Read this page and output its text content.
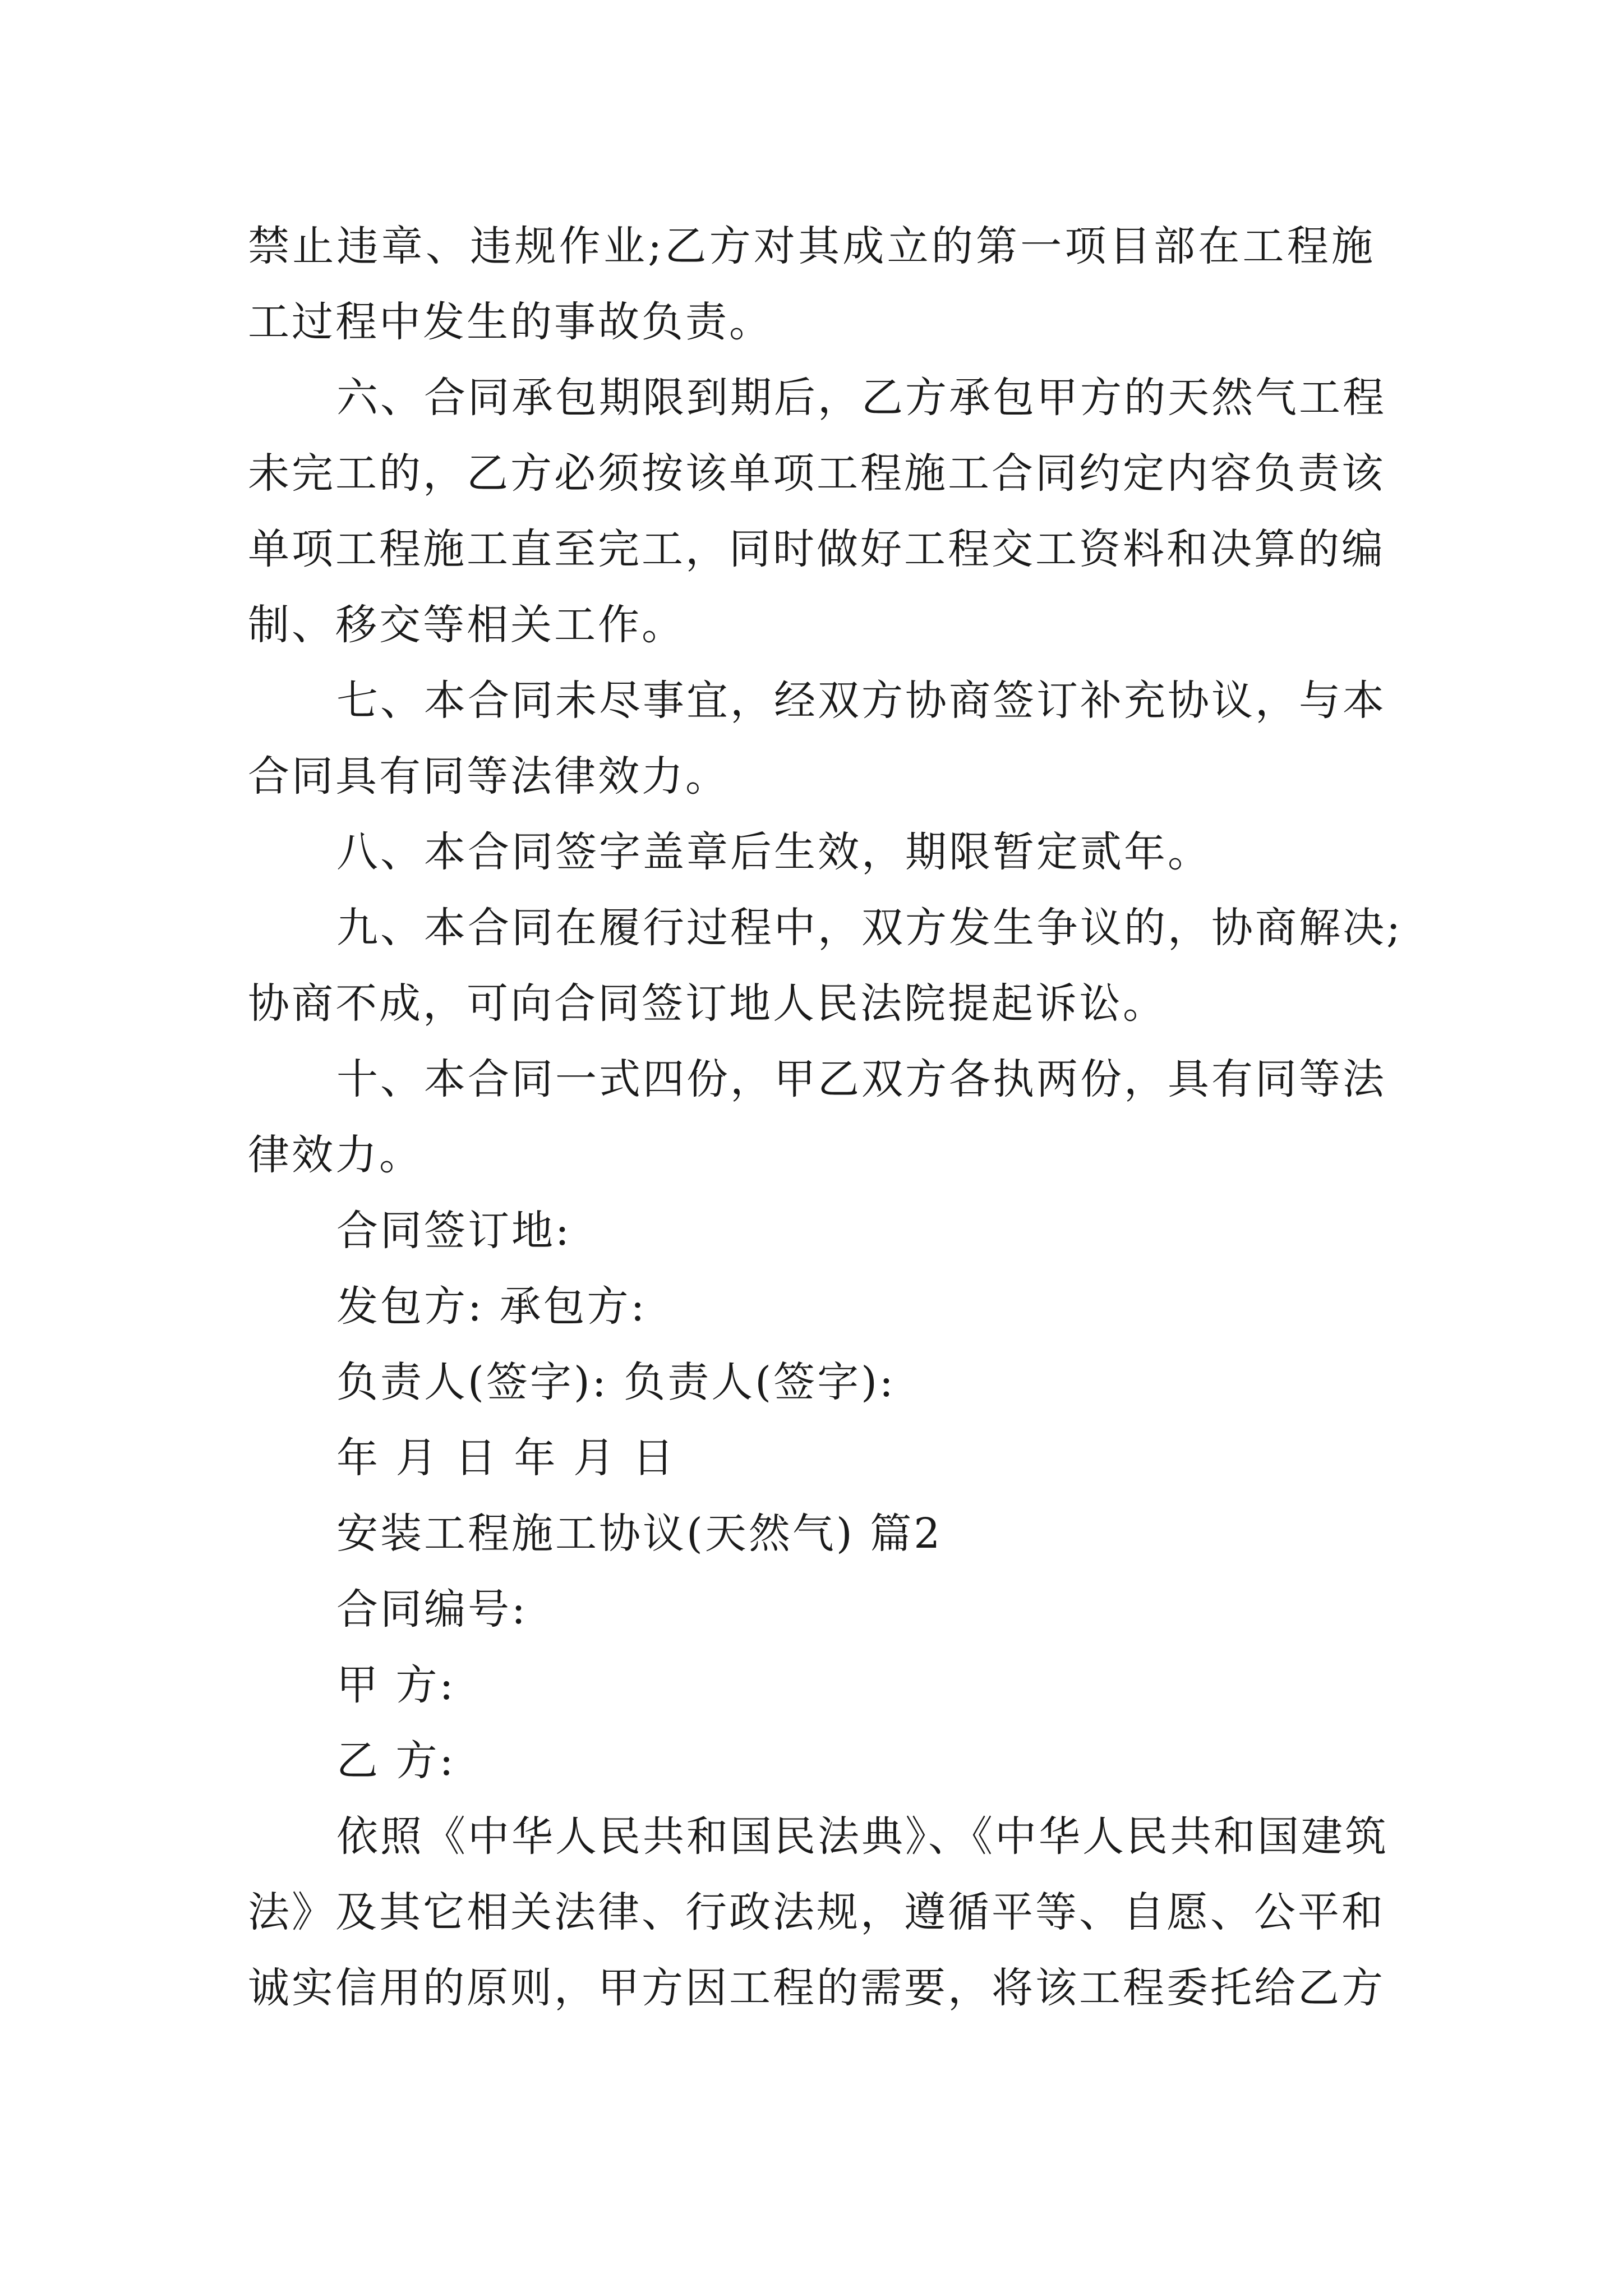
禁止违章、违规作业;乙方对其成立的第一项目部在工程施
工过程中发生的事故负责。
六、合同承包期限到期后，乙方承包甲方的天然气工程
未完工的，乙方必须按该单项工程施工合同约定内容负责该
单项工程施工直至完工，同时做好工程交工资料和决算的编
制、移交等相关工作。
七、本合同未尽事宜，经双方协商签订补充协议，与本
合同具有同等法律效力。
八、本合同签字盖章后生效，期限暂定贰年。
九、本合同在履行过程中，双方发生争议的，协商解决;
协商不成，可向合同签订地人民法院提起诉讼。
十、本合同一式四份，甲乙双方各执两份，具有同等法
律效力。
合同签订地:
发包方: 承包方:
负责人(签字): 负责人(签字):
年 月 日 年 月 日
安装工程施工协议(天然气) 篇2
合同编号:
甲 方:
乙 方:
依照《中华人民共和国民法典》、《中华人民共和国建筑
法》及其它相关法律、行政法规，遵循平等、自愿、公平和
诚实信用的原则，甲方因工程的需要，将该工程委托给乙方
